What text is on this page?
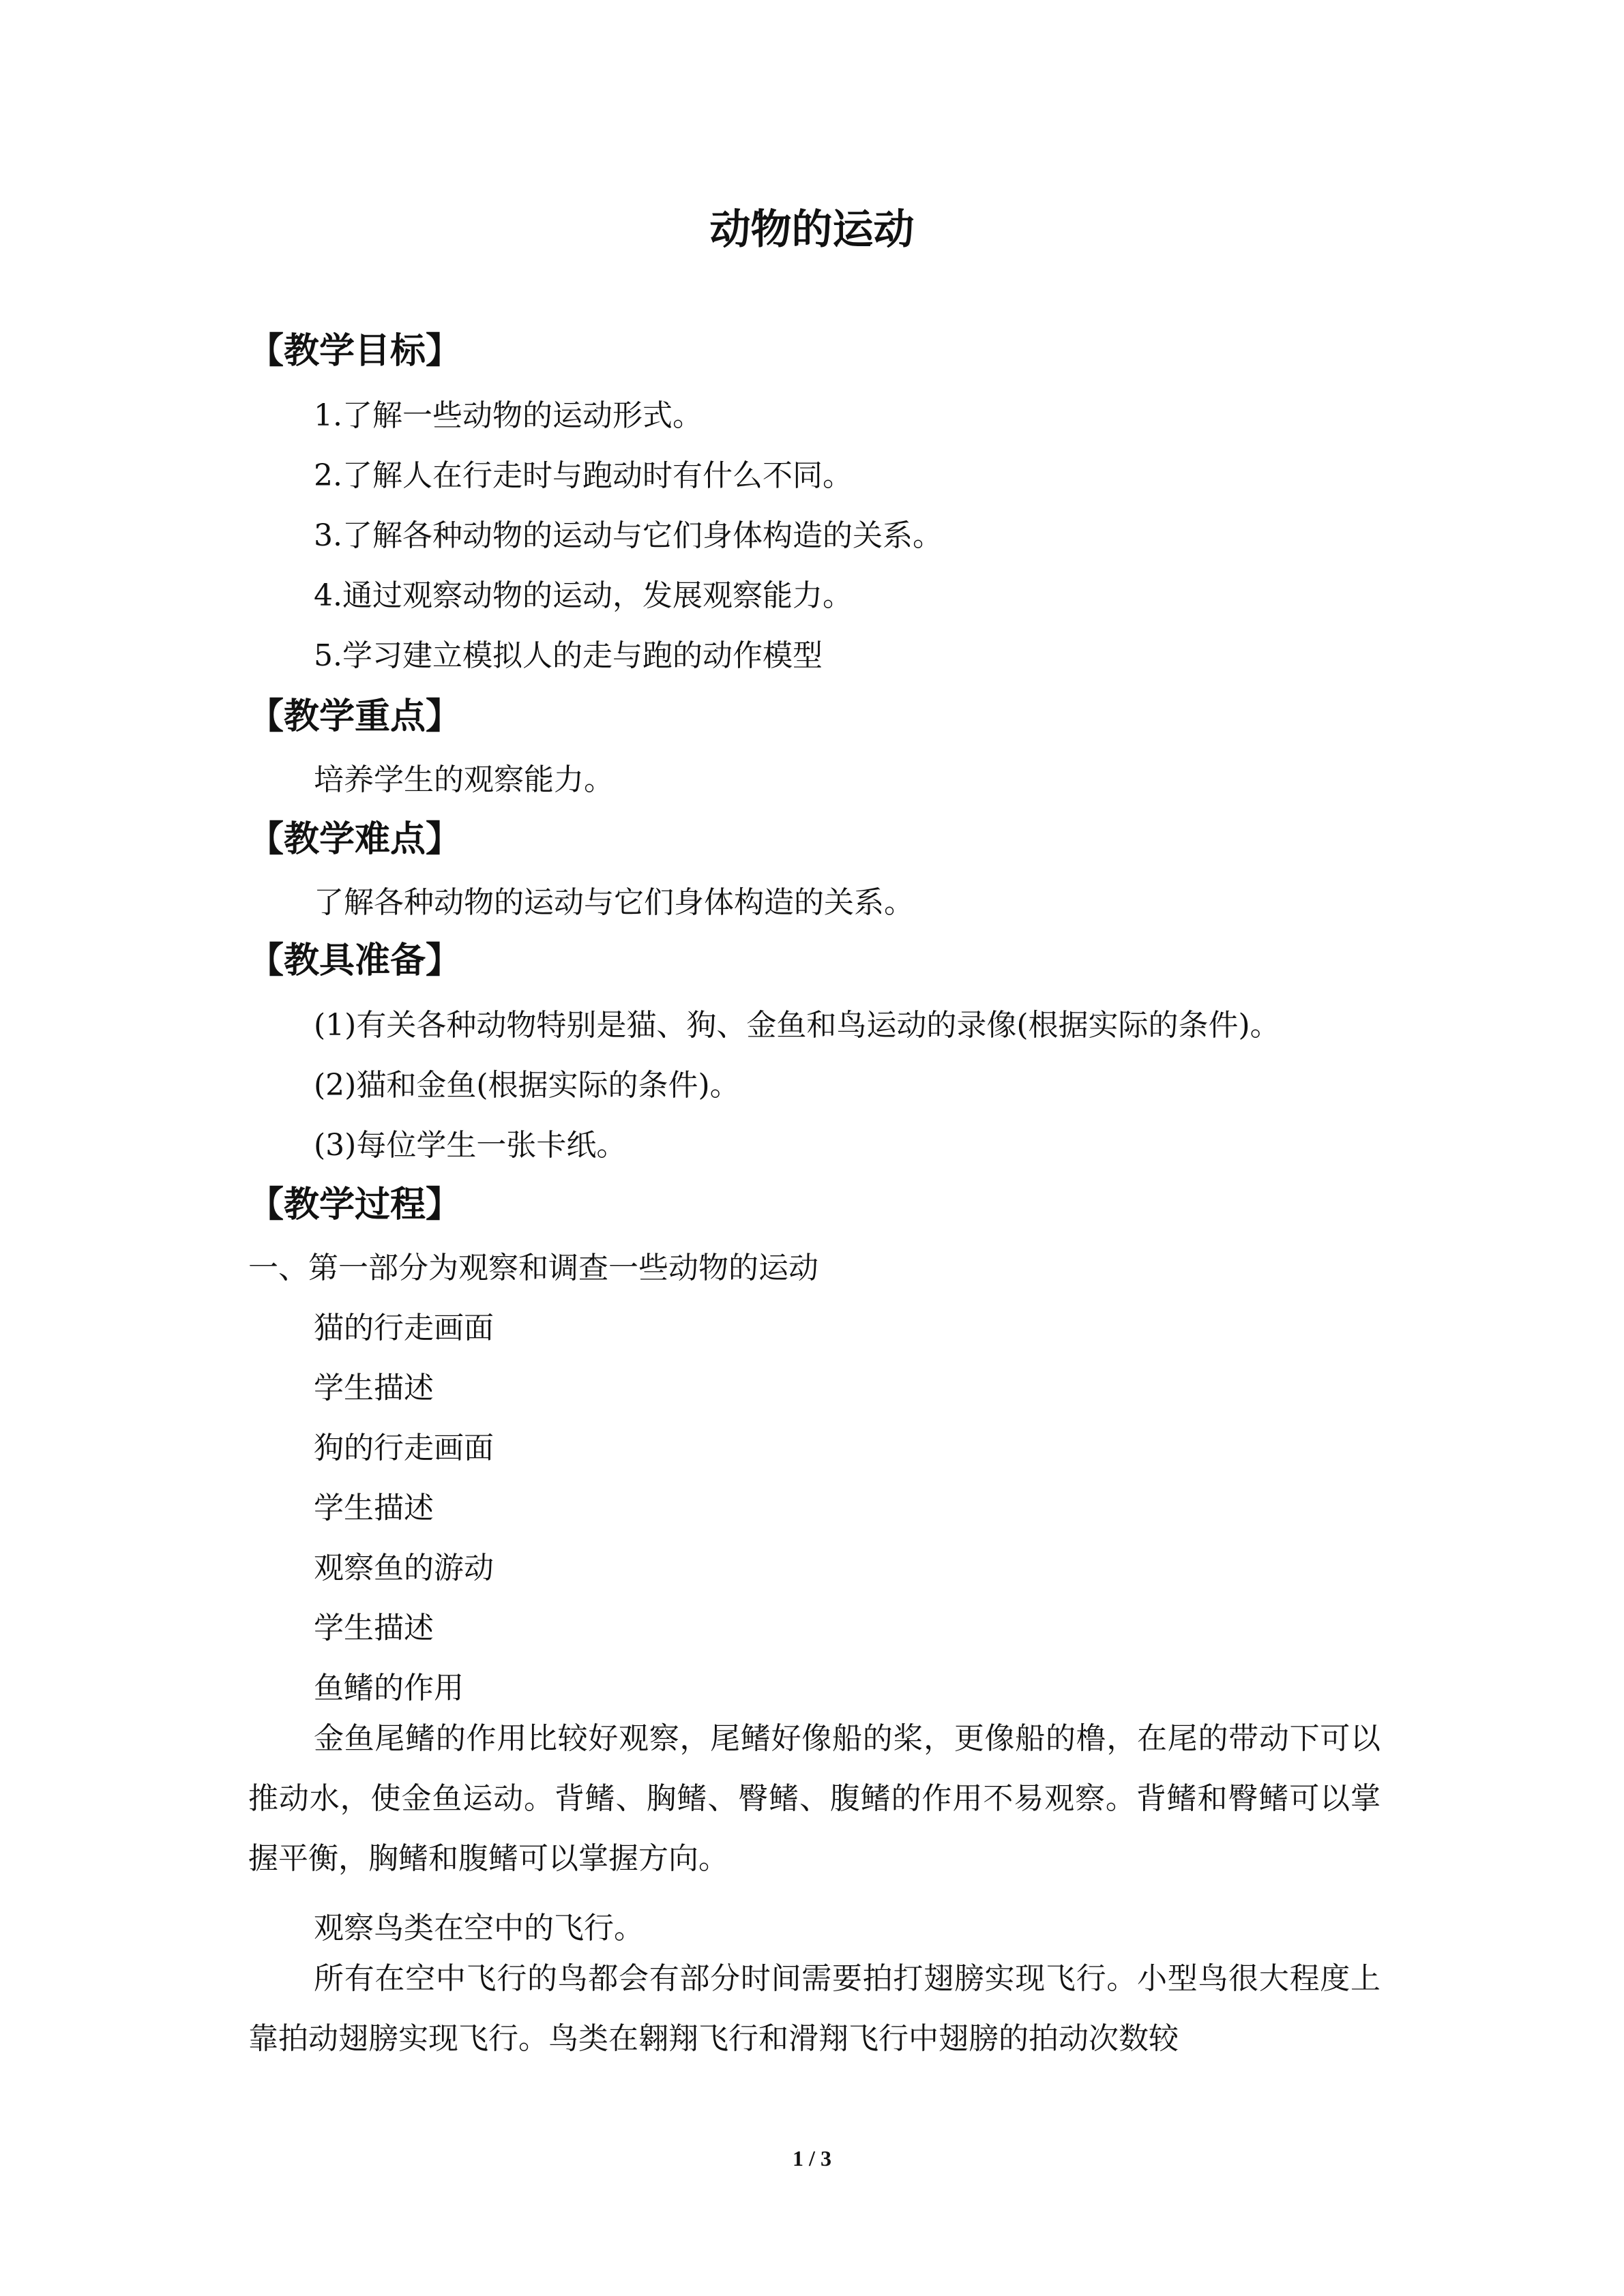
动物的运动
【教学目标】

1.了解一些动物的运动形式。

2.了解人在行走时与跑动时有什么不同。

3.了解各种动物的运动与它们身体构造的关系。

4.通过观察动物的运动，发展观察能力。

5.学习建立模拟人的走与跑的动作模型

【教学重点】

培养学生的观察能力。

【教学难点】

了解各种动物的运动与它们身体构造的关系。

【教具准备】

(1)有关各种动物特别是猫、狗、金鱼和鸟运动的录像(根据实际的条件)。

(2)猫和金鱼(根据实际的条件)。

(3)每位学生一张卡纸。

【教学过程】

一、第一部分为观察和调查一些动物的运动

猫的行走画面

学生描述

狗的行走画面

学生描述

观察鱼的游动

学生描述

鱼鳍的作用

金鱼尾鳍的作用比较好观察，尾鳍好像船的桨，更像船的橹，在尾的带动下可以推动水，使金鱼运动。背鳍、胸鳍、臀鳍、腹鳍的作用不易观察。背鳍和臀鳍可以掌握平衡，胸鳍和腹鳍可以掌握方向。

观察鸟类在空中的飞行。

所有在空中飞行的鸟都会有部分时间需要拍打翅膀实现飞行。小型鸟很大程度上靠拍动翅膀实现飞行。鸟类在翱翔飞行和滑翔飞行中翅膀的拍动次数较

1 / 3
